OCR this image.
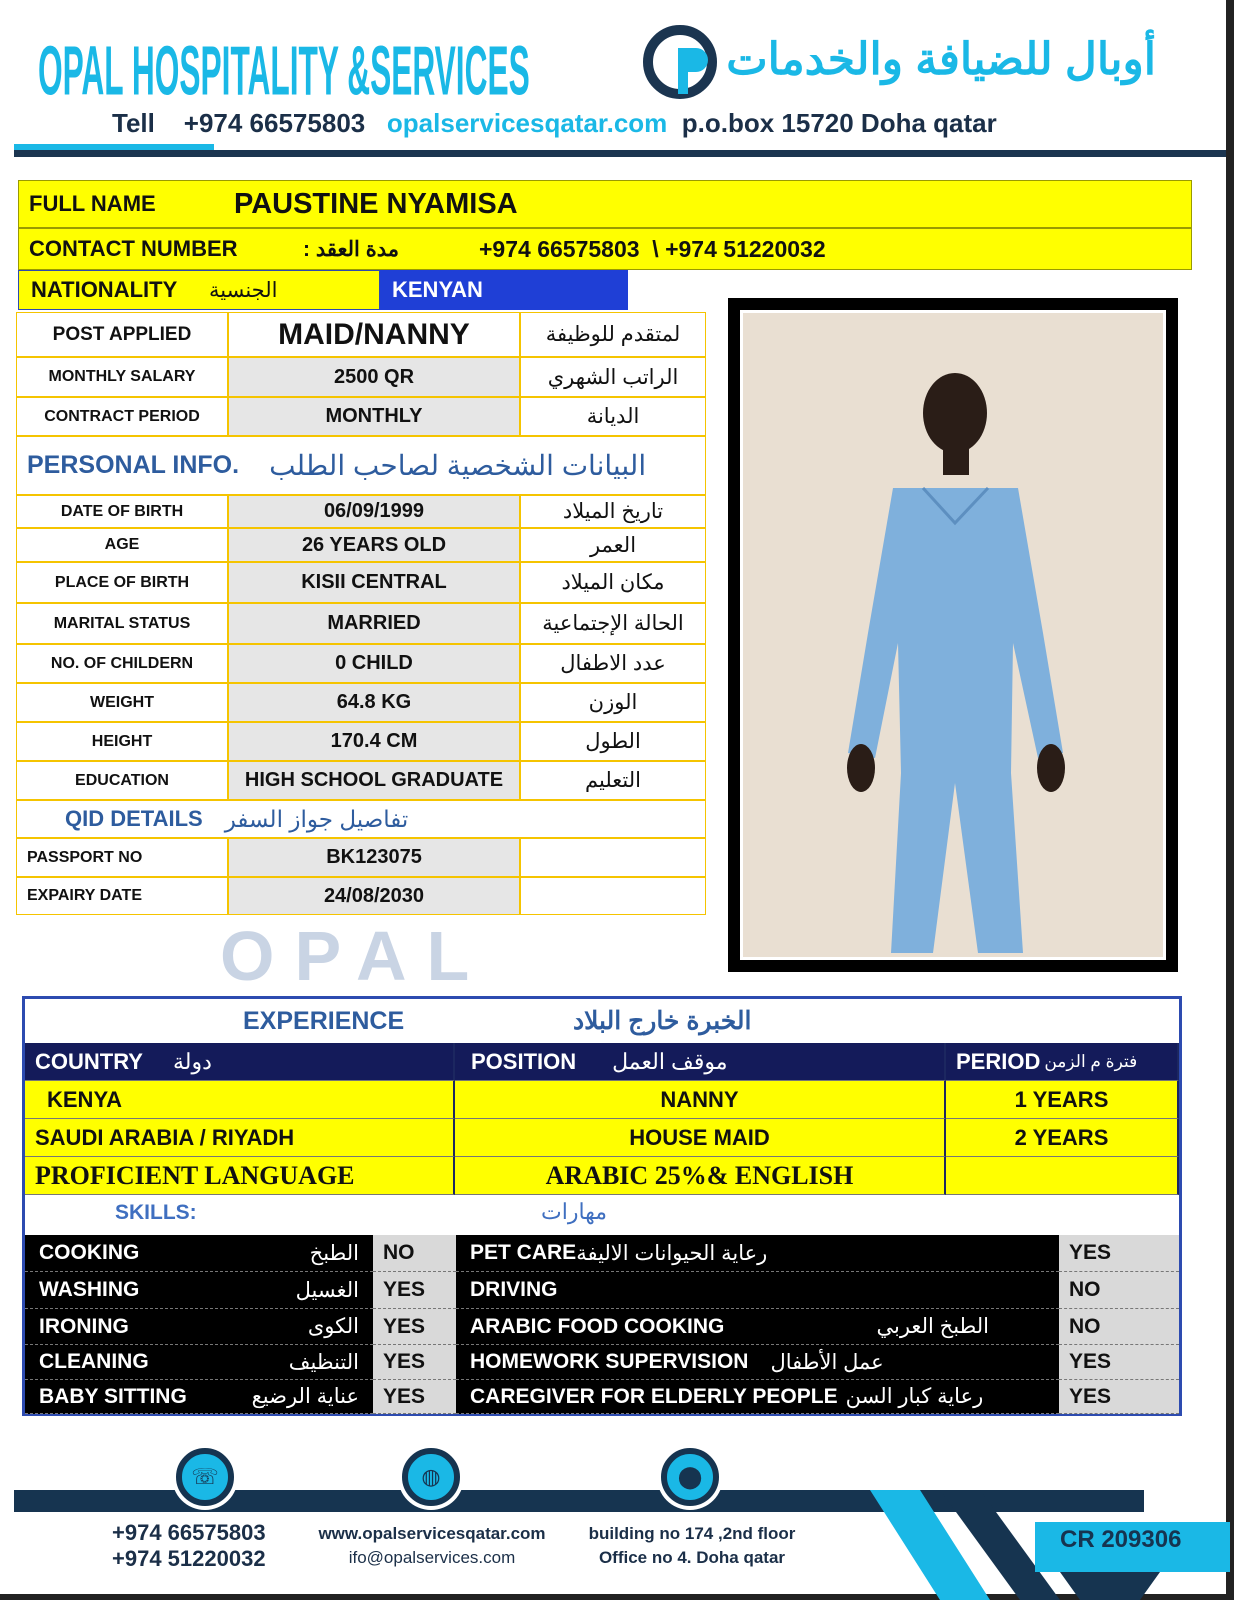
OPAL HOSPITALITY &SERVICES	أوبال للضيافة والخدمات
Tell +974 66575803 opalservicesqatar.com p.o.box 15720 Doha qatar
FULL NAME	PAUSTINE NYAMISA
CONTACT NUMBER	مدة العقد :	+974 66575803  \ +974 51220032
NATIONALITY	الجنسية	KENYAN
POST APPLIED	MAID/NANNY	لمتقدم للوظيفة
MONTHLY SALARY	2500 QR	الراتب الشهري
CONTRACT PERIOD	MONTHLY	الديانة
PERSONAL INFO. البيانات الشخصية لصاحب الطلب
DATE OF BIRTH	06/09/1999	تاريخ الميلاد
AGE	26 YEARS OLD	العمر
PLACE OF BIRTH	KISII CENTRAL	مكان الميلاد
MARITAL STATUS	MARRIED	الحالة الإجتماعية
NO. OF CHILDERN	0 CHILD	عدد الاطفال
WEIGHT	64.8 KG	الوزن
HEIGHT	170.4 CM	الطول
EDUCATION	HIGH SCHOOL GRADUATE	التعليم
QID DETAILS تفاصيل جواز السفر
PASSPORT NO	BK123075
EXPAIRY DATE	24/08/2030
OPAL
EXPERIENCE	الخبرة خارج البلاد
COUNTRY دولة	POSITION موقف العمل	PERIOD فترة م الزمن
KENYA	NANNY	1 YEARS
SAUDI ARABIA / RIYADH	HOUSE MAID	2 YEARS
PROFICIENT LANGUAGE	ARABIC 25%& ENGLISH
SKILLS:	مهارات
COOKING	الطبخ	NO	PET CARE رعاية الحيوانات الاليفة	YES
WASHING	الغسيل	YES	DRIVING	NO
IRONING	الكوى	YES	ARABIC FOOD COOKING	الطبخ العربي	NO
CLEANING	التنظيف	YES	HOMEWORK SUPERVISION عمل الأطفال	YES
BABY SITTING	عناية الرضيع	YES	CAREGIVER FOR ELDERLY PEOPLE رعاية كبار السن	YES
CR 209306
☏	◍	⬤
+974 66575803
+974 51220032
www.opalservicesqatar.com
ifo@opalservices.com
building no 174 ,2nd floor
Office no 4. Doha qatar
